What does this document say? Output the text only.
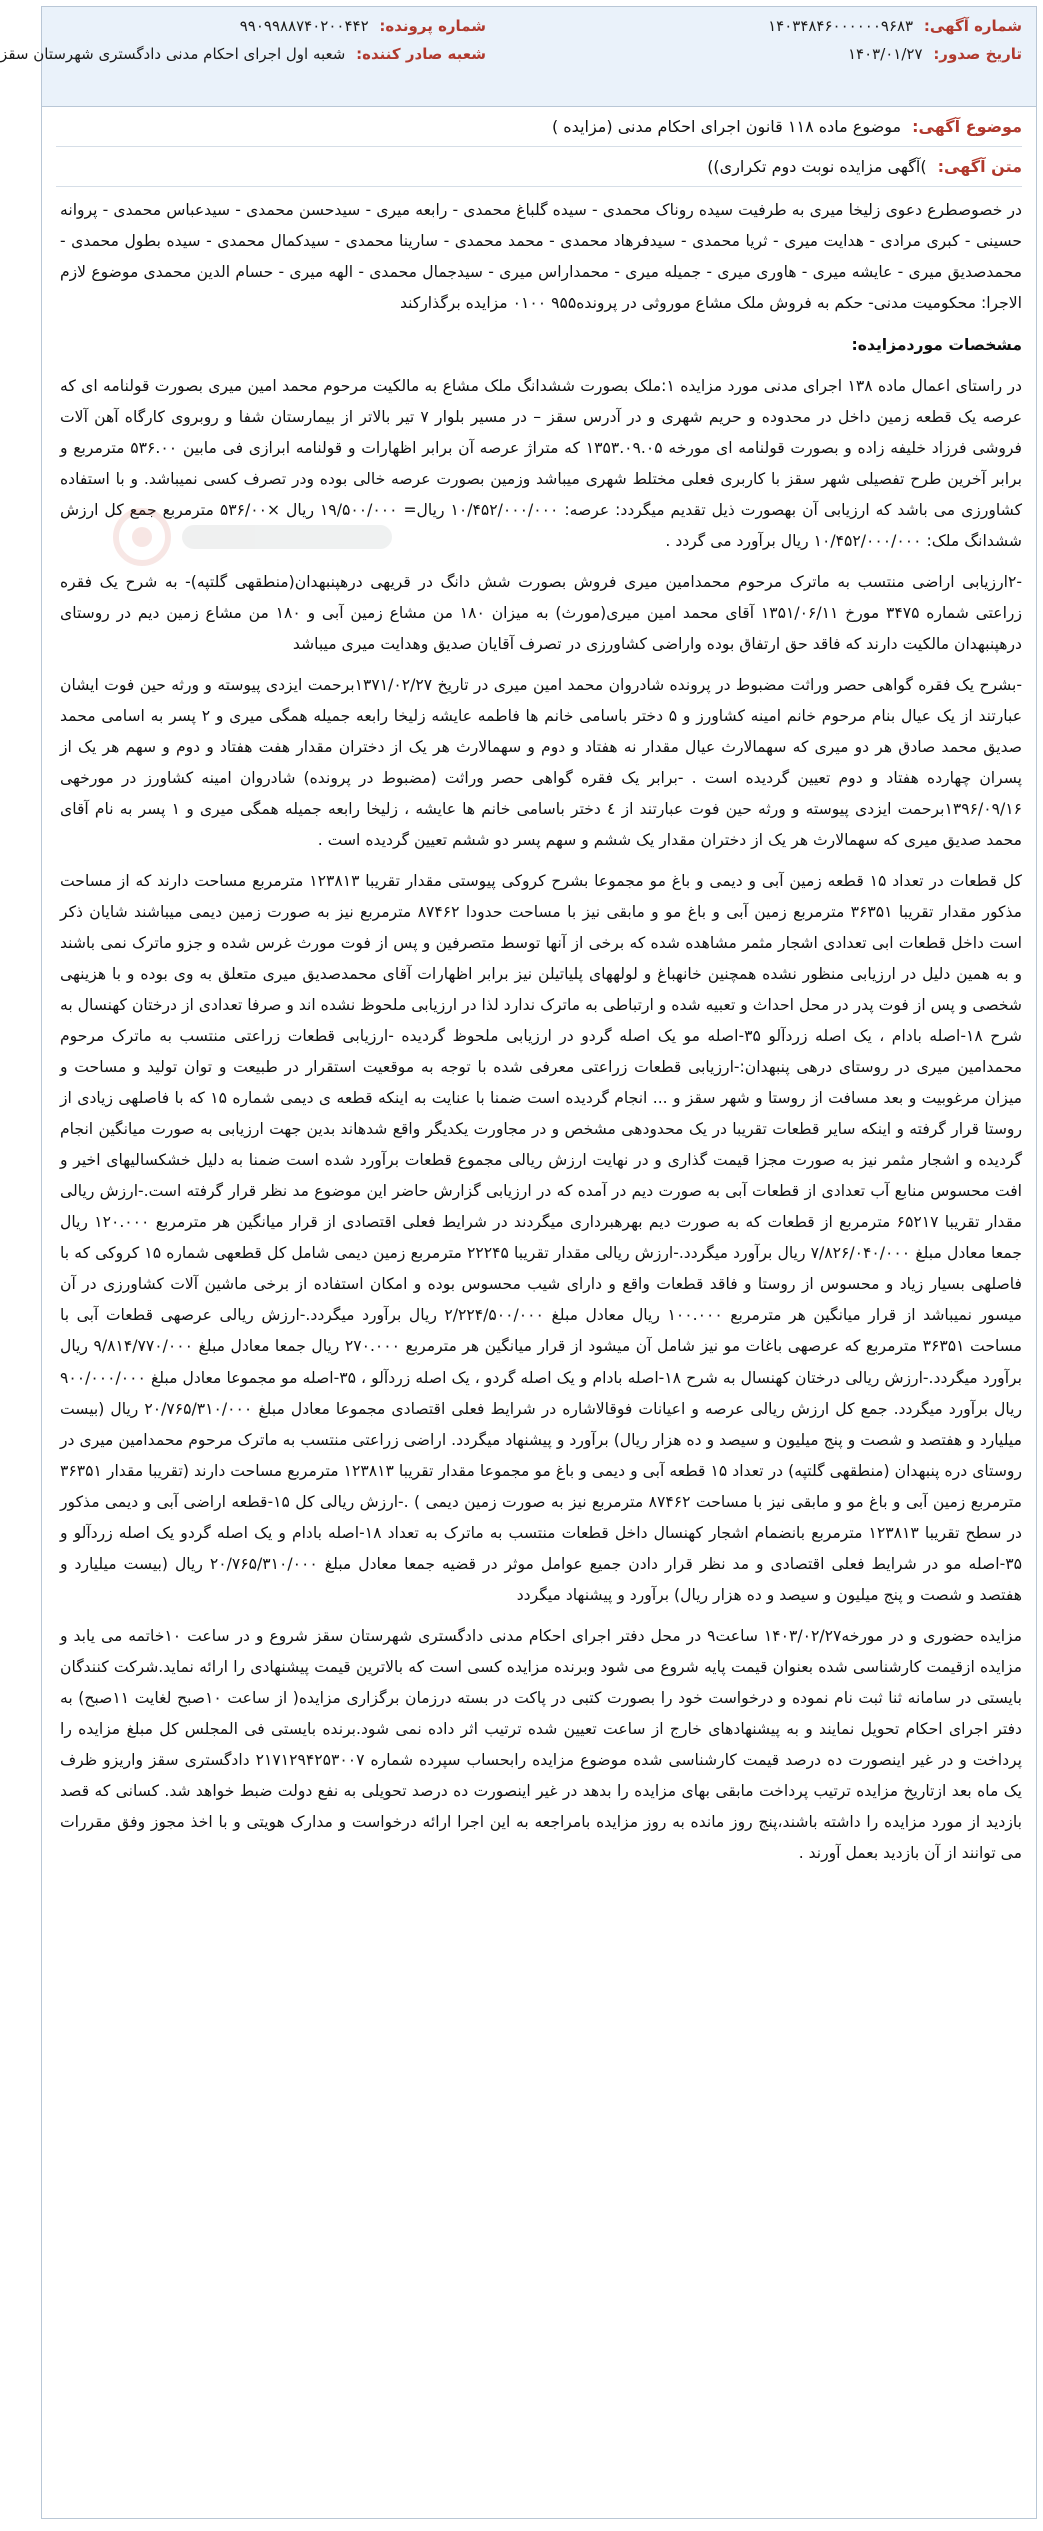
شماره آگهی: ۱۴۰۳۴۸۴۶۰۰۰۰۰۰۹۶۸۳
تاریخ صدور: ۱۴۰۳/۰۱/۲۷
شماره پرونده: ۹۹۰۹۹۸۸۷۴۰۲۰۰۴۴۲
شعبه صادر کننده: شعبه اول اجرای احکام مدنی دادگستری شهرستان سقز
موضوع آگهی: موضوع ماده ۱۱۸ قانون اجرای احکام مدنی (مزایده )
متن آگهی: )آگهی مزایده نوبت دوم تکراری))

در خصوصطرع دعوی زلیخا میری به طرفیت سیده روناک محمدی - سیده گلباغ محمدی - رابعه میری - سیدحسن محمدی - سیدعباس محمدی - پروانه حسینی - کبری مرادی - هدایت میری - ثریا محمدی - سیدفرهاد محمدی - محمد محمدی - سارینا محمدی - سیدکمال محمدی - سیده بطول محمدی - محمدصدیق میری - عایشه میری - هاوری میری - جمیله میری - محمداراس میری - سیدجمال محمدی - الهه میری - حسام الدین محمدی موضوع لازم الاجرا: محکومیت مدنی- حکم به فروش ملک مشاع موروثی در پرونده۹۵۵ ۰۱۰۰ مزایده برگذارکند

مشخصات موردمزایده:

در راستای اعمال ماده ۱۳۸ اجرای مدنی مورد مزایده ۱:ملک بصورت ششدانگ ملک مشاع به مالکیت مرحوم محمد امین میری بصورت قولنامه ای که عرصه یک قطعه زمین داخل در محدوده و حریم شهری و در آدرس سقز – در مسیر بلوار ۷ تیر بالاتر از بیمارستان شفا و روبروی کارگاه آهن آلات فروشی فرزاد خلیفه زاده و بصورت قولنامه ای مورخه ۱۳۵۳.۰۹.۰۵ که متراژ عرصه آن برابر اظهارات و قولنامه ابرازی فی مابین ۵۳۶.۰۰ مترمربع و برابر آخرین طرح تفصیلی شهر سقز با کاربری فعلی مختلط شهری میباشد وزمین بصورت عرصه خالی بوده ودر تصرف کسی نمیباشد. و با استفاده کشاورزی می باشد که ارزیابی آن بهصورت ذیل تقدیم میگردد: عرصه: ۱۰/۴۵۲/۰۰۰/۰۰۰ ریال= ۱۹/۵۰۰/۰۰۰ ریال ×۵۳۶/۰۰ مترمربع جمع کل ارزش ششدانگ ملک: ۱۰/۴۵۲/۰۰۰/۰۰۰ ریال برآورد می گردد .

-۲ارزیابی اراضی منتسب به ماترک مرحوم محمدامین میری فروش بصورت شش دانگ در قریهی درهپنبهدان(منطقهی گلتپه)- به شرح یک فقره زراعتی شماره ۳۴۷۵ مورخ ۱۳۵۱/۰۶/۱۱ آقای محمد امین میری(مورث) به میزان ۱۸۰ من مشاع زمین آبی و ۱۸۰ من مشاع زمین دیم در روستای درهپنبهدان مالکیت دارند که فاقد حق ارتفاق بوده واراضی کشاورزی در تصرف آقایان صدیق وهدایت میری میباشد

-بشرح یک فقره گواهی حصر وراثت مضبوط در پرونده شادروان محمد امین میری در تاریخ ۱۳۷۱/۰۲/۲۷برحمت ایزدی پیوسته و ورثه حین فوت ایشان عبارتند از یک عیال بنام مرحوم خانم امینه کشاورز و ۵ دختر باسامی خانم ها فاطمه عایشه زلیخا رابعه جمیله همگی میری و ۲ پسر به اسامی محمد صدیق محمد صادق هر دو میری که سهمالارث عیال مقدار نه هفتاد و دوم و سهمالارث هر یک از دختران مقدار هفت هفتاد و دوم و سهم هر یک از پسران چهارده هفتاد و دوم تعیین گردیده است . -برابر یک فقره گواهی حصر وراثت (مضبوط در پرونده) شادروان امینه کشاورز در مورخهی ۱۳۹۶/۰۹/۱۶برحمت ایزدی پیوسته و ورثه حین فوت عبارتند از ٤ دختر باسامی خانم ها عایشه ، زلیخا رابعه جمیله همگی میری و ۱ پسر به نام آقای محمد صدیق میری که سهمالارث هر یک از دختران مقدار یک ششم و سهم پسر دو ششم تعیین گردیده است .

کل قطعات در تعداد ۱۵ قطعه زمین آبی و دیمی و باغ مو مجموعا بشرح کروکی پیوستی مقدار تقریبا ۱۲۳۸۱۳ مترمربع مساحت دارند که از مساحت مذکور مقدار تقریبا ۳۶۳۵۱ مترمربع زمین آبی و باغ مو و مابقی نیز با مساحت حدودا ۸۷۴۶۲ مترمربع نیز به صورت زمین دیمی میباشند شایان ذکر است داخل قطعات ابی تعدادی اشجار مثمر مشاهده شده که برخی از آنها توسط متصرفین و پس از فوت مورث غرس شده و جزو ماترک نمی باشند و به همین دلیل در ارزیابی منظور نشده همچنین خانهباغ و لولههای پلیاتیلن نیز برابر اظهارات آقای محمدصدیق میری متعلق به وی بوده و با هزینهی شخصی و پس از فوت پدر در محل احداث و تعبیه شده و ارتباطی به ماترک ندارد لذا در ارزیابی ملحوظ نشده اند و صرفا تعدادی از درختان کهنسال به شرح ۱۸-اصله بادام ، یک اصله زردآلو ۳۵-اصله مو یک اصله گردو در ارزیابی ملحوظ گردیده -ارزیابی قطعات زراعتی منتسب به ماترک مرحوم محمدامین میری در روستای درهی پنبهدان:-ارزیابی قطعات زراعتی معرفی شده با توجه به موقعیت استقرار در طبیعت و توان تولید و مساحت و میزان مرغوبیت و بعد مسافت از روستا و شهر سقز و ... انجام گردیده است ضمنا با عنایت به اینکه قطعه ی دیمی شماره ۱۵ که با فاصلهی زیادی از روستا قرار گرفته و اینکه سایر قطعات تقریبا در یک محدودهی مشخص و در مجاورت یکدیگر واقع شدهاند بدین جهت ارزیابی به صورت میانگین انجام گردیده و اشجار مثمر نیز به صورت مجزا قیمت گذاری و در نهایت ارزش ریالی مجموع قطعات برآورد شده است ضمنا به دلیل خشکسالیهای اخیر و افت محسوس منابع آب تعدادی از قطعات آبی به صورت دیم در آمده که در ارزیابی گزارش حاضر این موضوع مد نظر قرار گرفته است.-ارزش ریالی مقدار تقریبا ۶۵۲۱۷ مترمربع از قطعات که به صورت دیم بهرهبرداری میگردند در شرایط فعلی اقتصادی از قرار میانگین هر مترمربع ۱۲۰.۰۰۰ ریال جمعا معادل مبلغ ۷/۸۲۶/۰۴۰/۰۰۰ ریال برآورد میگردد.-ارزش ریالی مقدار تقریبا ۲۲۲۴۵ مترمربع زمین دیمی شامل کل قطعهی شماره ۱۵ کروکی که با فاصلهی بسیار زیاد و محسوس از روستا و فاقد قطعات واقع و دارای شیب محسوس بوده و امکان استفاده از برخی ماشین آلات کشاورزی در آن میسور نمیباشد از قرار میانگین هر مترمربع ۱۰۰.۰۰۰ ریال معادل مبلغ ۲/۲۲۴/۵۰۰/۰۰۰ ریال برآورد میگردد.-ارزش ریالی عرصهی قطعات آبی با مساحت ۳۶۳۵۱ مترمربع که عرصهی باغات مو نیز شامل آن میشود از قرار میانگین هر مترمربع ۲۷۰.۰۰۰ ریال جمعا معادل مبلغ ۹/۸۱۴/۷۷۰/۰۰۰ ریال برآورد میگردد.-ارزش ریالی درختان کهنسال به شرح ۱۸-اصله بادام و یک اصله گردو ، یک اصله زردآلو ، ۳۵-اصله مو مجموعا معادل مبلغ ۹۰۰/۰۰۰/۰۰۰ ریال برآورد میگردد. جمع کل ارزش ریالی عرصه و اعیانات فوقالاشاره در شرایط فعلی اقتصادی مجموعا معادل مبلغ ۲۰/۷۶۵/۳۱۰/۰۰۰ ریال (بیست میلیارد و هفتصد و شصت و پنج میلیون و سیصد و ده هزار ریال) برآورد و پیشنهاد میگردد. اراضی زراعتی منتسب به ماترک مرحوم محمدامین میری در روستای دره پنبهدان (منطقهی گلتپه) در تعداد ۱۵ قطعه آبی و دیمی و باغ مو مجموعا مقدار تقریبا ۱۲۳۸۱۳ مترمربع مساحت دارند (تقریبا مقدار ۳۶۳۵۱ مترمربع زمین آبی و باغ مو و مابقی نیز با مساحت ۸۷۴۶۲ مترمربع نیز به صورت زمین دیمی ) .-ارزش ریالی کل ۱۵-قطعه اراضی آبی و دیمی مذکور در سطح تقریبا ۱۲۳۸۱۳ مترمربع بانضمام اشجار کهنسال داخل قطعات منتسب به ماترک به تعداد ۱۸-اصله بادام و یک اصله گردو یک اصله زردآلو و ۳۵-اصله مو در شرایط فعلی اقتصادی و مد نظر قرار دادن جمیع عوامل موثر در قضیه جمعا معادل مبلغ ۲۰/۷۶۵/۳۱۰/۰۰۰ ریال (بیست میلیارد و هفتصد و شصت و پنج میلیون و سیصد و ده هزار ریال) برآورد و پیشنهاد میگردد

مزایده حضوری و در مورخه۱۴۰۳/۰۲/۲۷ ساعت۹ در محل دفتر اجرای احکام مدنی دادگستری شهرستان سقز شروع و در ساعت ۱۰خاتمه می یابد و مزایده ازقیمت کارشناسی شده بعنوان قیمت پایه شروع می شود وبرنده مزایده کسی است که بالاترین قیمت پیشنهادی را ارائه نماید.شرکت کنندگان بایستی در سامانه ثنا ثبت نام نموده و درخواست خود را بصورت کتبی در پاکت در بسته درزمان برگزاری مزایده( از ساعت ۱۰صبح لغایت ۱۱صبح) به دفتر اجرای احکام تحویل نمایند و به پیشنهادهای خارج از ساعت تعیین شده ترتیب اثر داده نمی شود.برنده بایستی فی المجلس کل مبلغ مزایده را پرداخت و در غیر اینصورت ده درصد قیمت کارشناسی شده موضوع مزایده رابحساب سپرده شماره ۲۱۷۱۲۹۴۲۵۳۰۰۷ دادگستری سقز واریزو ظرف یک ماه بعد ازتاریخ مزایده ترتیب پرداخت مابقی بهای مزایده را بدهد در غیر اینصورت ده درصد تحویلی به نفع دولت ضبط خواهد شد. کسانی که قصد بازدید از مورد مزایده را داشته باشند،پنج روز مانده به روز مزایده بامراجعه به این اجرا ارائه درخواست و مدارک هویتی و با اخذ مجوز وفق مقررات می توانند از آن بازدید بعمل آورند .
